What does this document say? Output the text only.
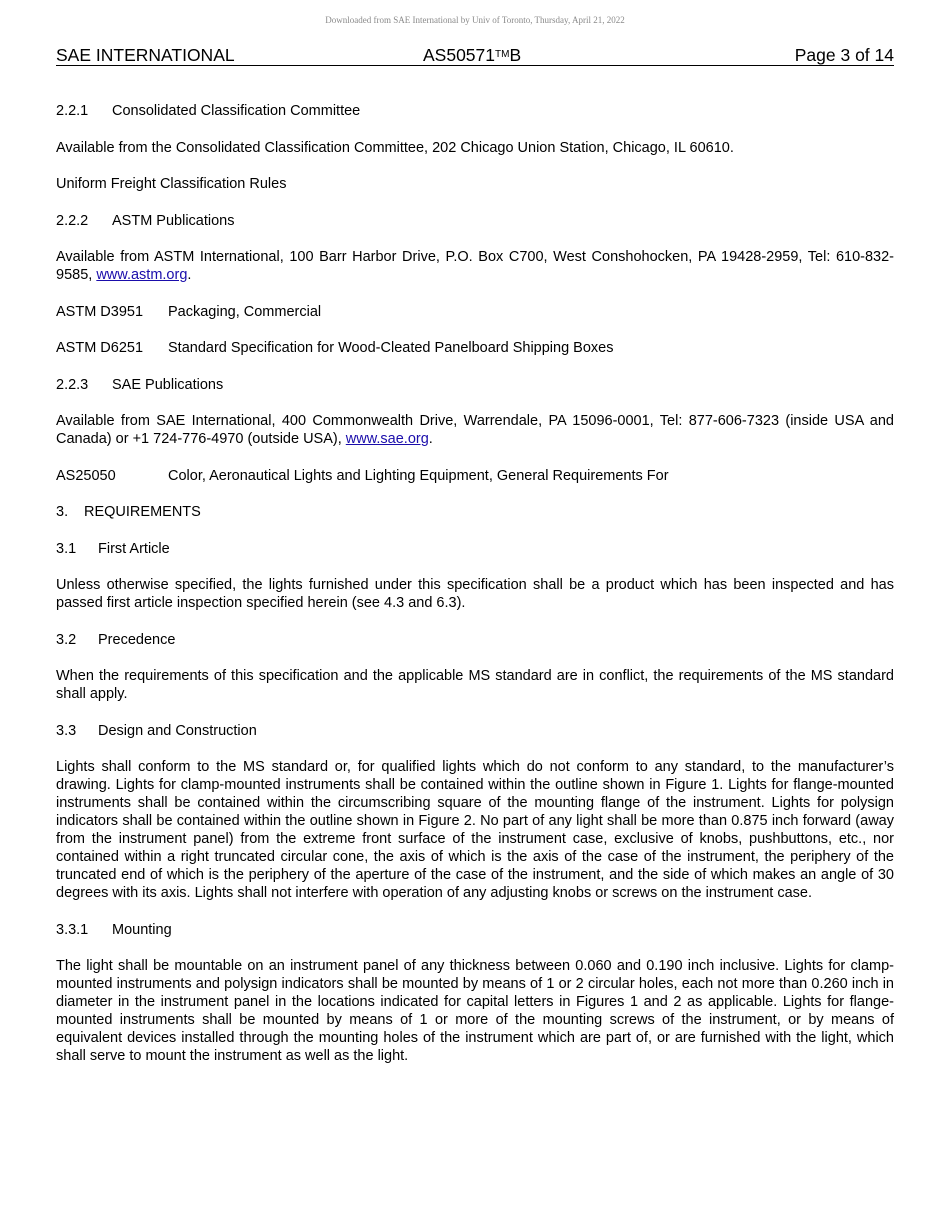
Downloaded from SAE International by Univ of Toronto, Thursday, April 21, 2022
SAE INTERNATIONAL	AS50571™B	Page 3 of 14

2.2.1 Consolidated Classification Committee

Available from the Consolidated Classification Committee, 202 Chicago Union Station, Chicago, IL 60610.

Uniform Freight Classification Rules

2.2.2 ASTM Publications

Available from ASTM International, 100 Barr Harbor Drive, P.O. Box C700, West Conshohocken, PA 19428-2959, Tel: 610-832-9585, www.astm.org.

ASTM D3951 Packaging, Commercial

ASTM D6251 Standard Specification for Wood-Cleated Panelboard Shipping Boxes

2.2.3 SAE Publications

Available from SAE International, 400 Commonwealth Drive, Warrendale, PA 15096-0001, Tel: 877-606-7323 (inside USA and Canada) or +1 724-776-4970 (outside USA), www.sae.org.

AS25050	Color, Aeronautical Lights and Lighting Equipment, General Requirements For

3. REQUIREMENTS

3.1 First Article

Unless otherwise specified, the lights furnished under this specification shall be a product which has been inspected and has passed first article inspection specified herein (see 4.3 and 6.3).

3.2 Precedence

When the requirements of this specification and the applicable MS standard are in conflict, the requirements of the MS standard shall apply.

3.3 Design and Construction

Lights shall conform to the MS standard or, for qualified lights which do not conform to any standard, to the manufacturer’s drawing. Lights for clamp-mounted instruments shall be contained within the outline shown in Figure 1. Lights for flange-mounted instruments shall be contained within the circumscribing square of the mounting flange of the instrument. Lights for polysign indicators shall be contained within the outline shown in Figure 2. No part of any light shall be more than 0.875 inch forward (away from the instrument panel) from the extreme front surface of the instrument case, exclusive of knobs, pushbuttons, etc., nor contained within a right truncated circular cone, the axis of which is the axis of the case of the instrument, the periphery of the truncated end of which is the periphery of the aperture of the case of the instrument, and the side of which makes an angle of 30 degrees with its axis. Lights shall not interfere with operation of any adjusting knobs or screws on the instrument case.

3.3.1 Mounting

The light shall be mountable on an instrument panel of any thickness between 0.060 and 0.190 inch inclusive. Lights for clamp-mounted instruments and polysign indicators shall be mounted by means of 1 or 2 circular holes, each not more than 0.260 inch in diameter in the instrument panel in the locations indicated for capital letters in Figures 1 and 2 as applicable. Lights for flange-mounted instruments shall be mounted by means of 1 or more of the mounting screws of the instrument, or by means of equivalent devices installed through the mounting holes of the instrument which are part of, or are furnished with the light, which shall serve to mount the instrument as well as the light.
